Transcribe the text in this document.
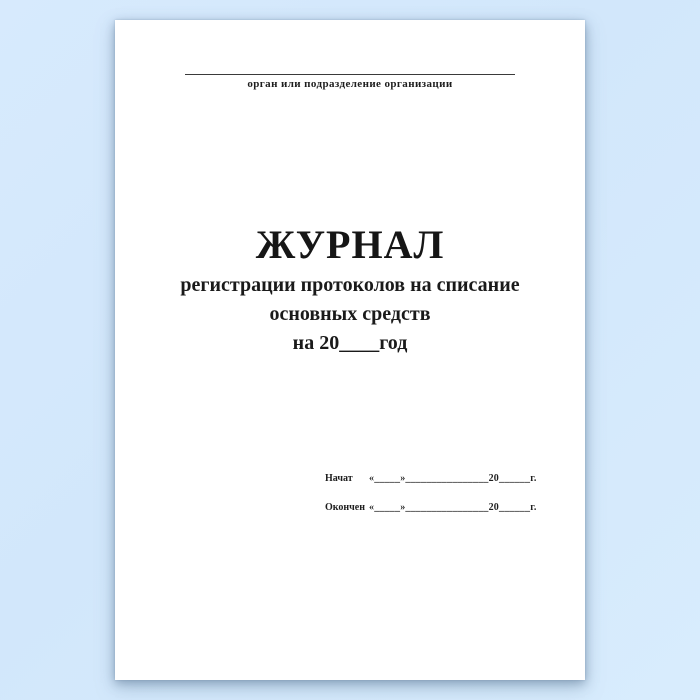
орган или подразделение организации
ЖУРНАЛ
регистрации протоколов на списание
основных средств
на 20____год
Начат	«_____»________________20______г.
Окончен «_____»________________20______г.
